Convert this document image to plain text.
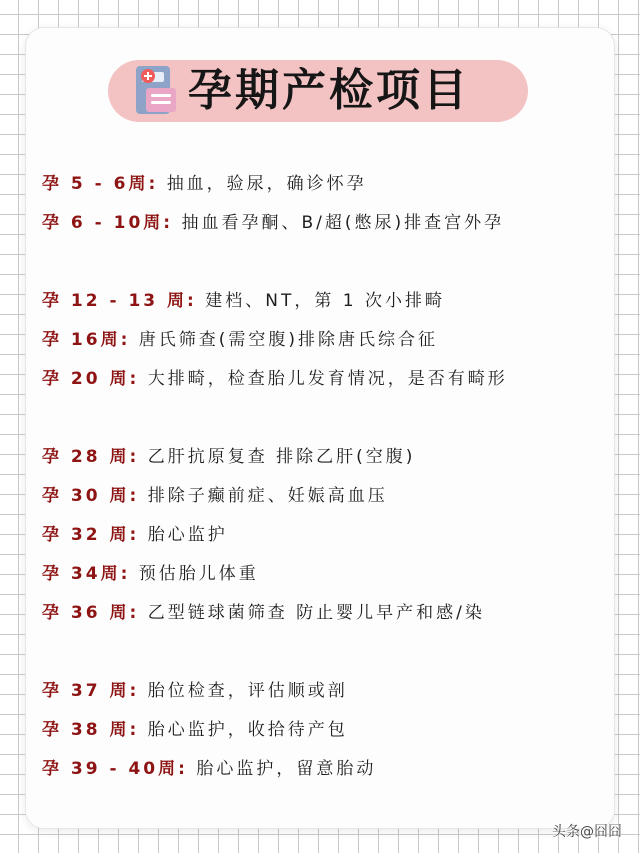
孕期产检项目
孕 5 - 6周: 抽血，验尿，确诊怀孕
孕 6 - 10周: 抽血看孕酮、B/超(憋尿)排查宫外孕
孕 12 - 13 周: 建档、NT，第 1 次小排畸
孕 16周: 唐氏筛查(需空腹)排除唐氏综合征
孕 20 周: 大排畸，检查胎儿发育情况，是否有畸形
孕 28 周: 乙肝抗原复查 排除乙肝(空腹)
孕 30 周: 排除子癫前症、妊娠高血压
孕 32 周: 胎心监护
孕 34周: 预估胎儿体重
孕 36 周: 乙型链球菌筛查 防止婴儿早产和感/染
孕 37 周: 胎位检查，评估顺或剖
孕 38 周: 胎心监护，收拾待产包
孕 39 - 40周: 胎心监护，留意胎动
头条@囧囧
